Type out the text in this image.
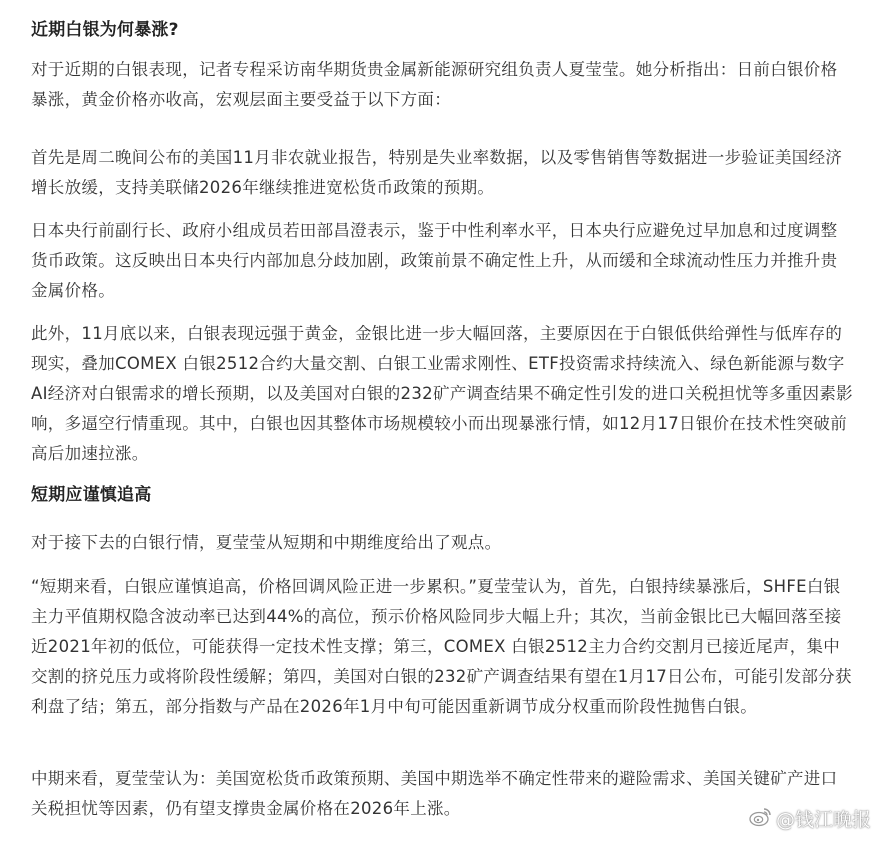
近期白银为何暴涨?

对于近期的白银表现，记者专程采访南华期货贵金属新能源研究组负责人夏莹莹。她分析指出：日前白银价格暴涨，黄金价格亦收高，宏观层面主要受益于以下方面：

首先是周二晚间公布的美国11月非农就业报告，特别是失业率数据，以及零售销售等数据进一步验证美国经济增长放缓，支持美联储2026年继续推进宽松货币政策的预期。

日本央行前副行长、政府小组成员若田部昌澄表示，鉴于中性利率水平，日本央行应避免过早加息和过度调整货币政策。这反映出日本央行内部加息分歧加剧，政策前景不确定性上升，从而缓和全球流动性压力并推升贵金属价格。

此外，11月底以来，白银表现远强于黄金，金银比进一步大幅回落，主要原因在于白银低供给弹性与低库存的现实，叠加COMEX 白银2512合约大量交割、白银工业需求刚性、ETF投资需求持续流入、绿色新能源与数字AI经济对白银需求的增长预期，以及美国对白银的232矿产调查结果不确定性引发的进口关税担忧等多重因素影响，多逼空行情重现。其中，白银也因其整体市场规模较小而出现暴涨行情，如12月17日银价在技术性突破前高后加速拉涨。

短期应谨慎追高

对于接下去的白银行情，夏莹莹从短期和中期维度给出了观点。

“短期来看，白银应谨慎追高，价格回调风险正进一步累积。”夏莹莹认为，首先，白银持续暴涨后，SHFE白银主力平值期权隐含波动率已达到44%的高位，预示价格风险同步大幅上升；其次，当前金银比已大幅回落至接近2021年初的低位，可能获得一定技术性支撑；第三，COMEX 白银2512主力合约交割月已接近尾声，集中交割的挤兑压力或将阶段性缓解；第四，美国对白银的232矿产调查结果有望在1月17日公布，可能引发部分获利盘了结；第五，部分指数与产品在2026年1月中旬可能因重新调节成分权重而阶段性抛售白银。

中期来看，夏莹莹认为：美国宽松货币政策预期、美国中期选举不确定性带来的避险需求、美国关键矿产进口关税担忧等因素，仍有望支撑贵金属价格在2026年上涨。

@钱江晚报
